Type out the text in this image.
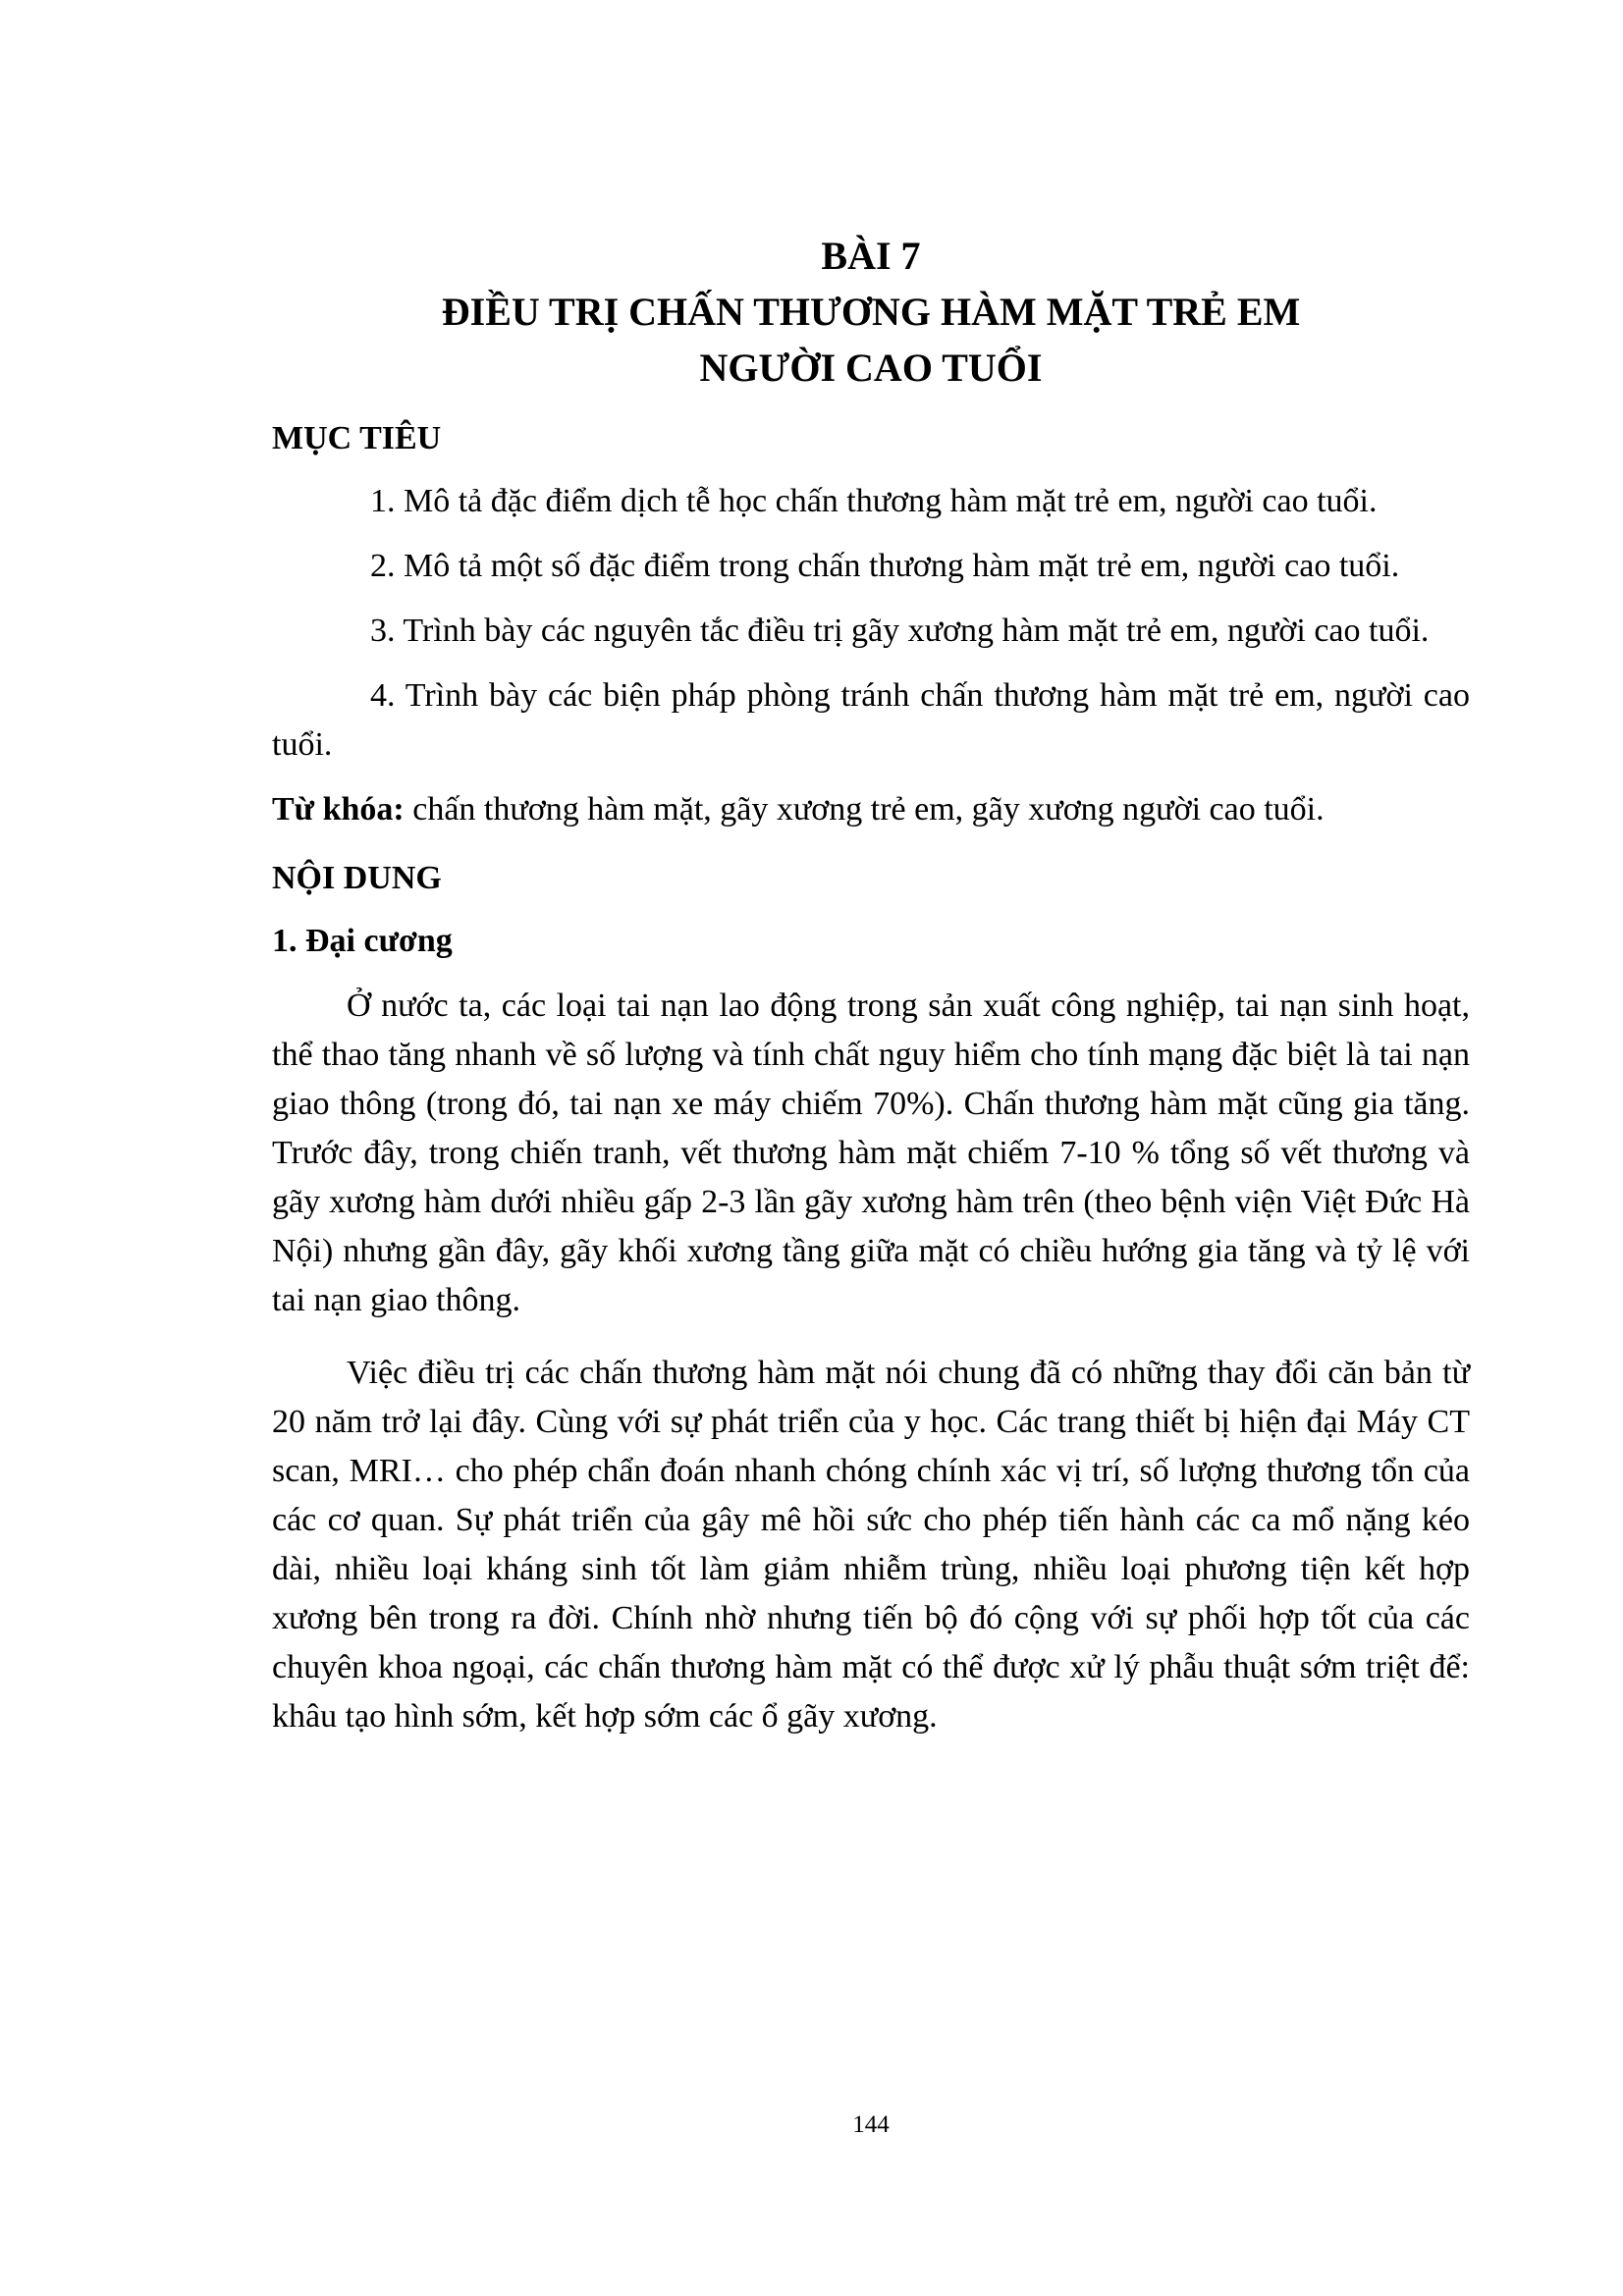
BÀI 7
ĐIỀU TRỊ CHẤN THƯƠNG HÀM MẶT TRẺ EM
NGƯỜI CAO TUỔI

MỤC TIÊU

1. Mô tả đặc điểm dịch tễ học chấn thương hàm mặt trẻ em, người cao tuổi.
2. Mô tả một số đặc điểm trong chấn thương hàm mặt trẻ em, người cao tuổi.
3. Trình bày các nguyên tắc điều trị gãy xương hàm mặt trẻ em, người cao tuổi.
4. Trình bày các biện pháp phòng tránh chấn thương hàm mặt trẻ em, người cao tuổi.

Từ khóa: chấn thương hàm mặt, gãy xương trẻ em, gãy xương người cao tuổi.

NỘI DUNG

1. Đại cương

Ở nước ta, các loại tai nạn lao động trong sản xuất công nghiệp, tai nạn sinh hoạt, thể thao tăng nhanh về số lượng và tính chất nguy hiểm cho tính mạng đặc biệt là tai nạn giao thông (trong đó, tai nạn xe máy chiếm 70%). Chấn thương hàm mặt cũng gia tăng. Trước đây, trong chiến tranh, vết thương hàm mặt chiếm 7-10 % tổng số vết thương và gãy xương hàm dưới nhiều gấp 2-3 lần gãy xương hàm trên (theo bệnh viện Việt Đức Hà Nội) nhưng gần đây, gãy khối xương tầng giữa mặt có chiều hướng gia tăng và tỷ lệ với tai nạn giao thông.

Việc điều trị các chấn thương hàm mặt nói chung đã có những thay đổi căn bản từ 20 năm trở lại đây. Cùng với sự phát triển của y học. Các trang thiết bị hiện đại Máy CT scan, MRI… cho phép chẩn đoán nhanh chóng chính xác vị trí, số lượng thương tổn của các cơ quan. Sự phát triển của gây mê hồi sức cho phép tiến hành các ca mổ nặng kéo dài, nhiều loại kháng sinh tốt làm giảm nhiễm trùng, nhiều loại phương tiện kết hợp xương bên trong ra đời. Chính nhờ nhưng tiến bộ đó cộng với sự phối hợp tốt của các chuyên khoa ngoại, các chấn thương hàm mặt có thể được xử lý phẫu thuật sớm triệt để: khâu tạo hình sớm, kết hợp sớm các ổ gãy xương.

144
